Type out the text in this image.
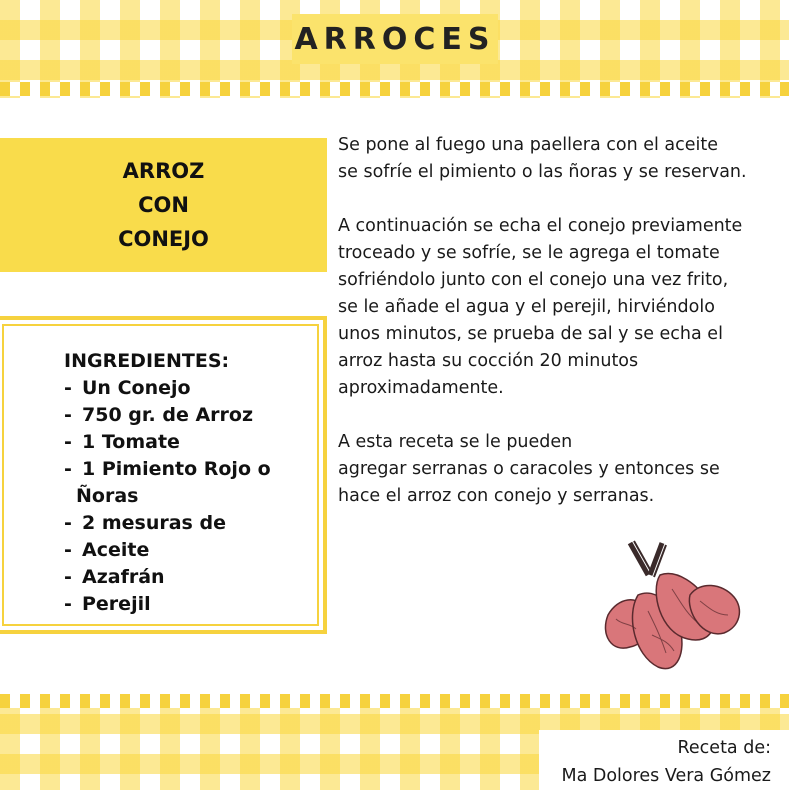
ARROCES
ARROZ
CON
CONEJO
INGREDIENTES:
- Un Conejo
- 750 gr. de Arroz
- 1 Tomate
- 1 Pimiento Rojo o
Ñoras
- 2 mesuras de
- Aceite
- Azafrán
- Perejil

Se pone al fuego una paellera con el aceite
se sofríe el pimiento o las ñoras y se reservan.

A continuación se echa el conejo previamente
troceado y se sofríe, se le agrega el tomate
sofriéndolo junto con el conejo una vez frito,
se le añade el agua y el perejil, hirviéndolo
unos minutos, se prueba de sal y se echa el
arroz hasta su cocción 20 minutos
aproximadamente.

A esta receta se le pueden
agregar serranas o caracoles y entonces se
hace el arroz con conejo y serranas.

Receta de:
Ma Dolores Vera Gómez
